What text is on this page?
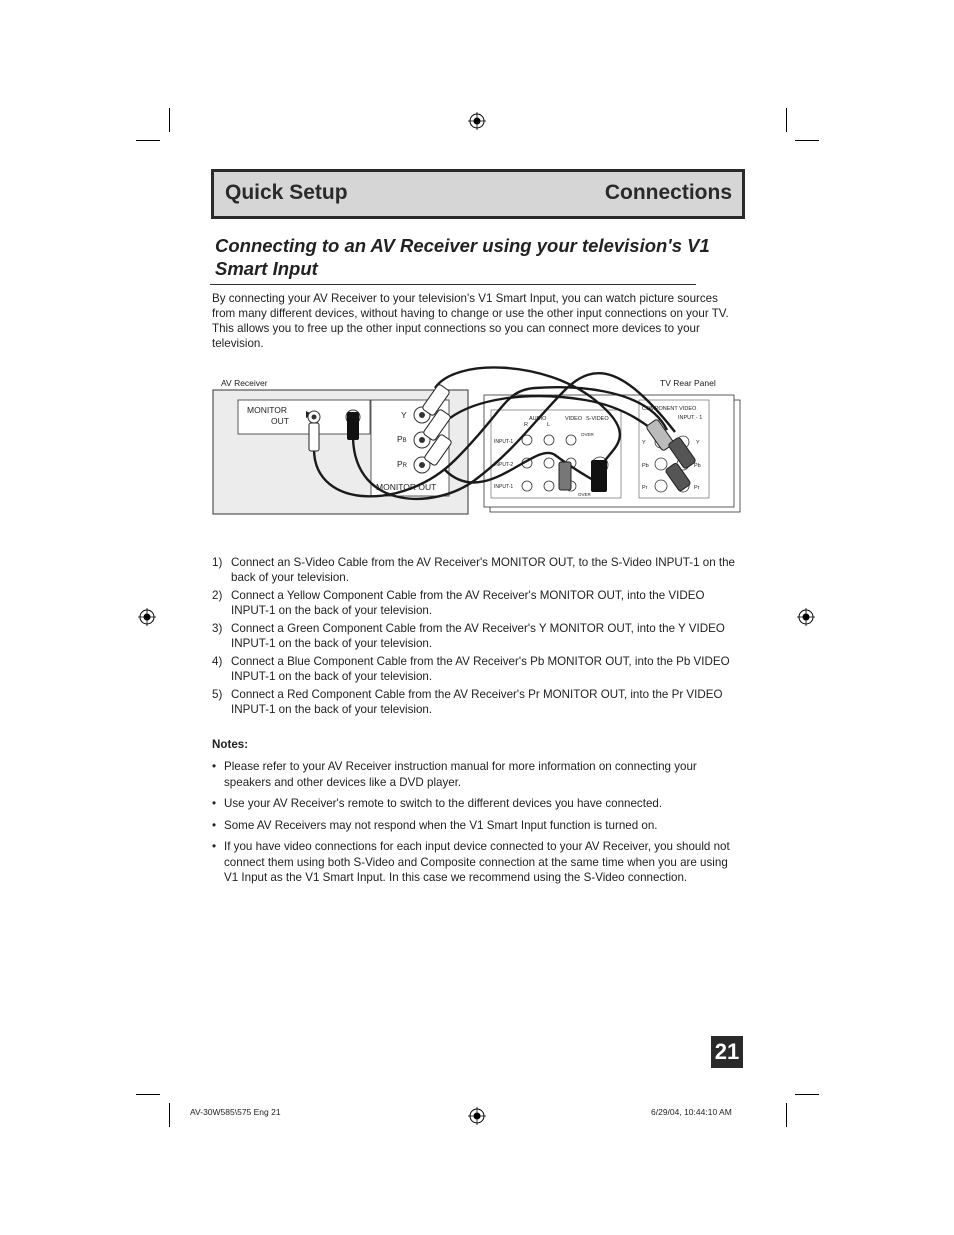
Quick Setup	Connections
Connecting to an AV Receiver using your television's V1 Smart Input

By connecting your AV Receiver to your television's V1 Smart Input, you can watch picture sources from many different devices, without having to change or use the other input connections on your TV. This allows you to free up the other input connections so you can connect more devices to your television.

AV Receiver
MONITOR
OUT
Y
PB
PR
MONITOR OUT
TV Rear Panel
AUDIO
R	L
VIDEO S-VIDEO
INPUT-1
INPUT-2
INPUT-1
OVER
OVER
COMPONENT VIDEO
INPUT - 1
Y
Pb
Pr
Y
Pb
Pr
1) Connect an S-Video Cable from the AV Receiver's MONITOR OUT, to the S-Video INPUT-1 on the back of your television.
2) Connect a Yellow Component Cable from the AV Receiver's MONITOR OUT, into the VIDEO INPUT-1 on the back of your television.
3) Connect a Green Component Cable from the AV Receiver's Y MONITOR OUT, into the Y VIDEO INPUT-1 on the back of your television.
4) Connect a Blue Component Cable from the AV Receiver's Pb MONITOR OUT, into the Pb VIDEO INPUT-1 on the back of your television.
5) Connect a Red Component Cable from the AV Receiver's Pr MONITOR OUT, into the Pr VIDEO INPUT-1 on the back of your television.
Notes:
• Please refer to your AV Receiver instruction manual for more information on connecting your speakers and other devices like a DVD player.
• Use your AV Receiver's remote to switch to the different devices you have connected.
• Some AV Receivers may not respond when the V1 Smart Input function is turned on.
• If you have video connections for each input device connected to your AV Receiver, you should not connect them using both S-Video and Composite connection at the same time when you are using V1 Input as the V1 Smart Input. In this case we recommend using the S-Video connection.
21
AV-30W585\575 Eng 21	6/29/04, 10:44:10 AM
